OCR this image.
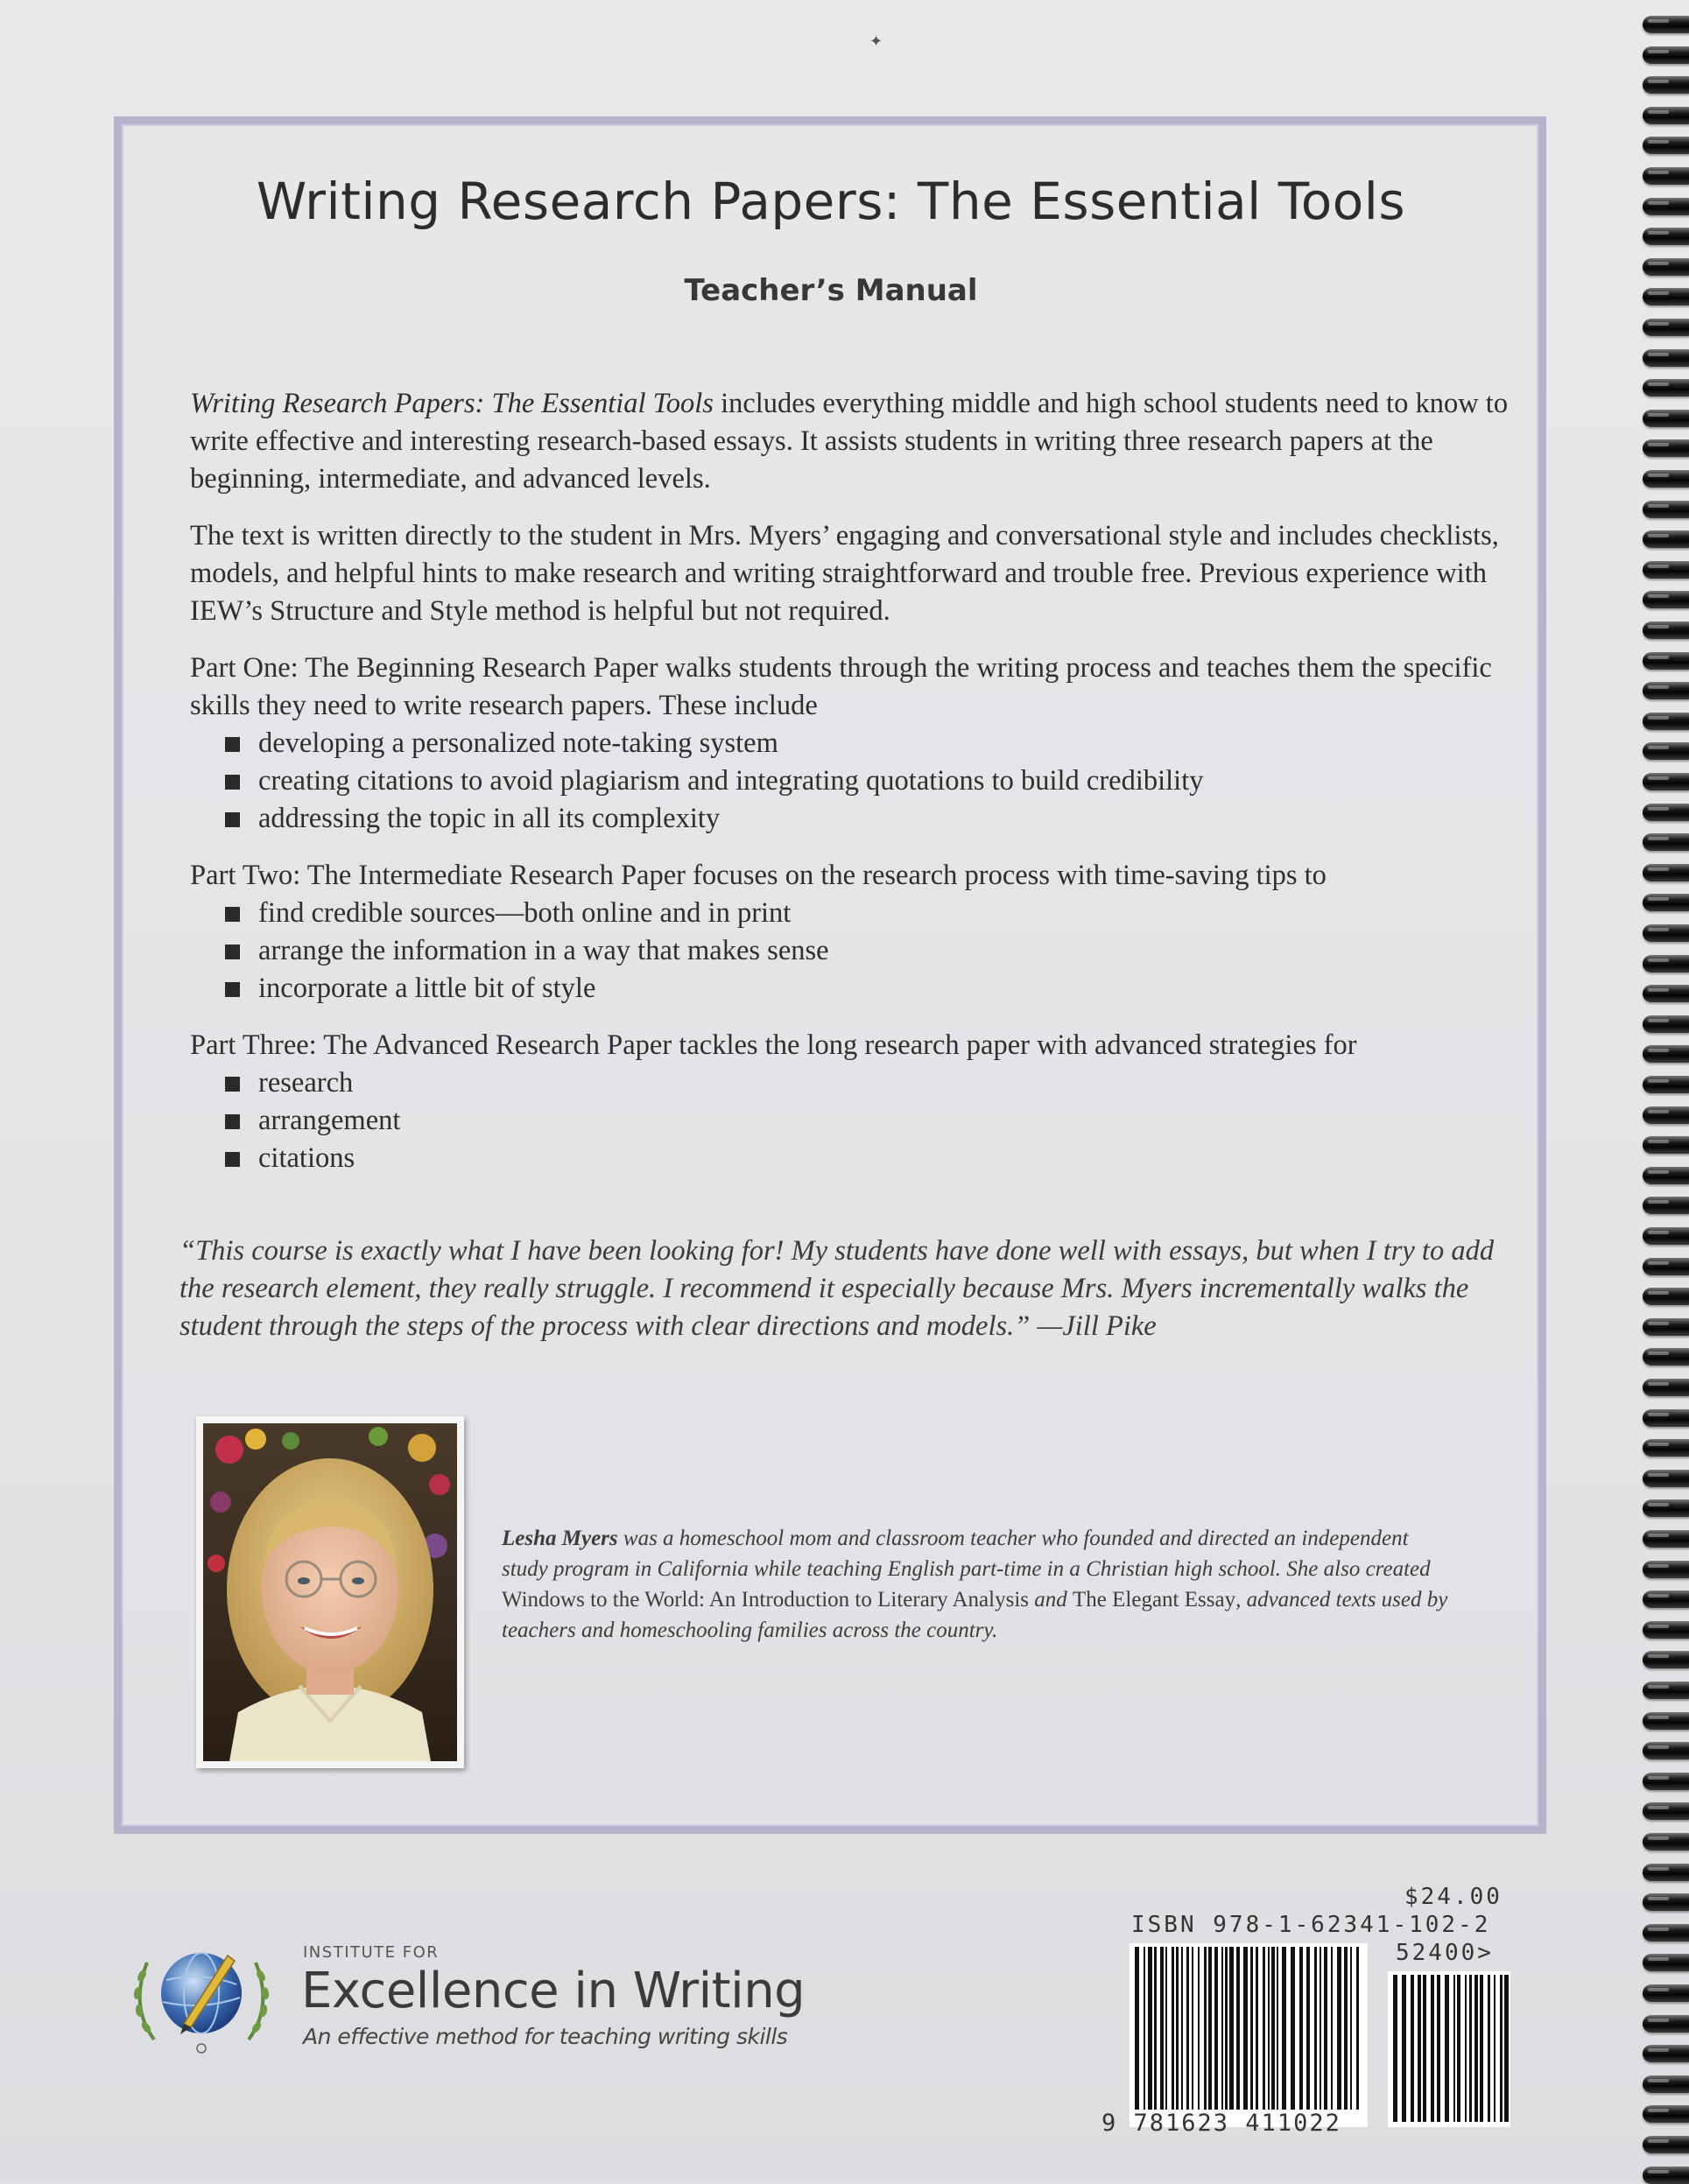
✦
Writing Research Papers: The Essential Tools
Teacher’s Manual

Writing Research Papers: The Essential Tools includes everything middle and high school students need to know to write effective and interesting research-based essays. It assists students in writing three research papers at the beginning, intermediate, and advanced levels.

The text is written directly to the student in Mrs. Myers’ engaging and conversational style and includes checklists, models, and helpful hints to make research and writing straightforward and trouble free. Previous experience with IEW’s Structure and Style method is helpful but not required.

Part One: The Beginning Research Paper walks students through the writing process and teaches them the specific skills they need to write research papers. These include

developing a personalized note-taking system
creating citations to avoid plagiarism and integrating quotations to build credibility
addressing the topic in all its complexity

Part Two: The Intermediate Research Paper focuses on the research process with time-saving tips to

find credible sources—both online and in print
arrange the information in a way that makes sense
incorporate a little bit of style

Part Three: The Advanced Research Paper tackles the long research paper with advanced strategies for

research
arrangement
citations

“This course is exactly what I have been looking for! My students have done well with essays, but when I try to add the research element, they really struggle. I recommend it especially because Mrs. Myers incrementally walks the student through the steps of the process with clear directions and models.” —Jill Pike

Lesha Myers was a homeschool mom and classroom teacher who founded and directed an independent study program in California while teaching English part-time in a Christian high school. She also created Windows to the World: An Introduction to Literary Analysis and The Elegant Essay, advanced texts used by teachers and homeschooling families across the country.

INSTITUTE FOR
Excellence in Writing
An effective method for teaching writing skills

$24.00

ISBN 978-1-62341-102-2

52400>

9 781623 411022
